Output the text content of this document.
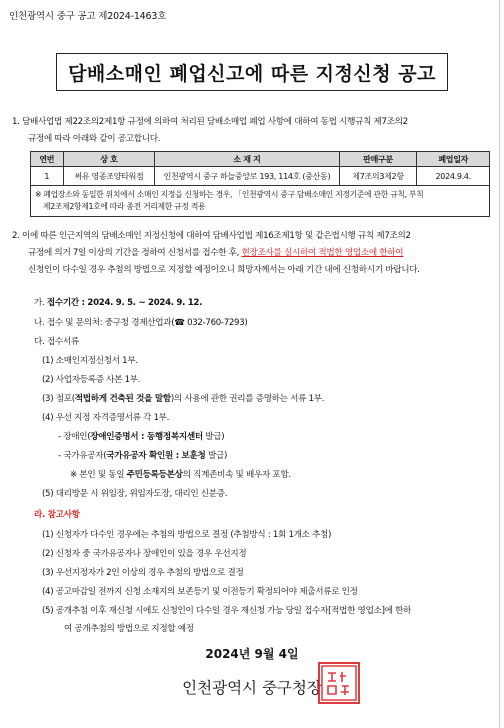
인천광역시 중구 공고 제2024-1463호
담배소매인 폐업신고에 따른 지정신청 공고
1. 담배사업법 제22조의2제1항 규정에 의하여 처리된 담배소매업 폐업 사항에 대하여 동법 시행규칙 제7조의2
규정에 따라 아래와 같이 공고합니다.
연번	상 호	소 재 지	판매구분	폐업일자
1	써유 영종조양타워점	인천광역시 중구 하늘중앙로 193, 114호 (중산동)	제7조의3제2항	2024.9.4.

※ 폐업장소와 동일한 위치에서 소매인 지정을 신청하는 경우, 「인천광역시 중구 담배소매인 지정기준에 관한 규칙, 부칙
제2조제2항제1호에 따라 종전 거리제한 규정 적용				
2. 이에 따른 인근지역의 담배소매인 지정신청에 대하여 담배사업법 제16조제1항 및 같은법시행 규칙 제7조의2
규정에 의거 7일 이상의 기간을 정하여 신청서를 접수한 후, 현장조사를 실시하여 적법한 영업소에 한하여
신청인이 다수일 경우 추첨의 방법으로 지정할 예정이오니 희망자께서는 아래 기간 내에 신청하시기 바랍니다.
가. 접수기간 : 2024. 9. 5. ~ 2024. 9. 12.
나. 접수 및 문의처: 중구청 경제산업과(☎ 032-760-7293)
다. 접수서류
(1) 소매인지정신청서 1부.
(2) 사업자등록증 사본 1부.
(3) 점포(적법하게 건축된 것을 말함)의 사용에 관한 권리를 증명하는 서류 1부.
(4) 우선 지정 자격증명서류 각 1부.
- 장애인(장애인증명서 : 동행정복지센터 발급)
- 국가유공자(국가유공자 확인원 : 보훈청 발급)
※ 본인 및 동일 주민등록등본상의 직계존비속 및 배우자 포함.
(5) 대리방문 시 위임장, 위임자도장, 대리인 신분증.
라. 참고사항
(1) 신청자가 다수인 경우에는 추첨의 방법으로 결정 (추첨방식 : 1회 1개소 추첨)
(2) 신청자 중 국가유공자나 장애인이 있을 경우 우선지정
(3) 우선지정자가 2인 이상의 경우 추첨의 방법으로 결정
(4) 공고마감일 전까지 신청 소재지의 보존등기 및 이전등기 확정되어야 제출서류로 인정
(5) 공개추첨 이후 재신청 시에도 신청인이 다수일 경우 재신청 가능 당일 접수자[적법한 영업소]에 한하
여 공개추첨의 방법으로 지정할 예정
2024년 9월 4일
인천광역시 중구청장
